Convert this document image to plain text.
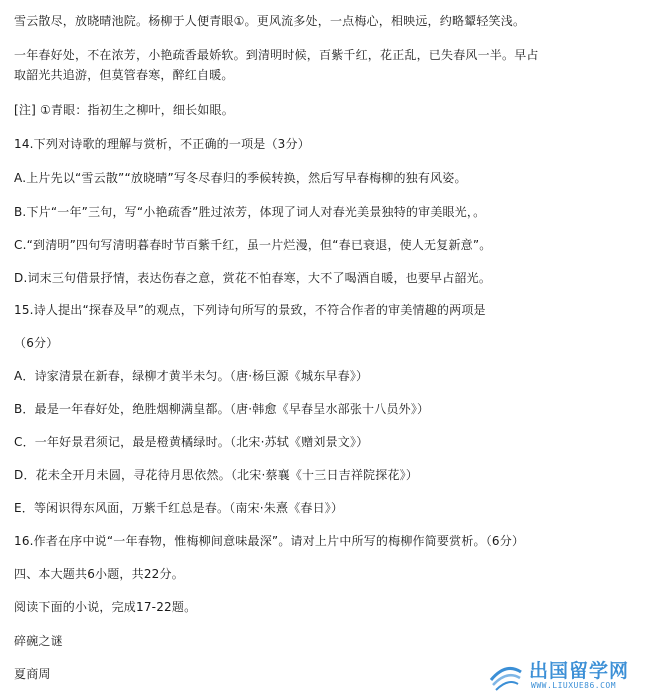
雪云散尽，放晓晴池院。杨柳于人便青眼①。更风流多处，一点梅心，相映远，约略颦轻笑浅。
一年春好处，不在浓芳，小艳疏香最娇软。到清明时候，百紫千红，花正乱，已失春风一半。早占
取韶光共追游，但莫管春寒，醉红自暖。
[注] ①青眼：指初生之柳叶，细长如眼。
14.下列对诗歌的理解与赏析，不正确的一项是（3分）
A.上片先以“雪云散”“放晓晴”写冬尽春归的季候转换，然后写早春梅柳的独有风姿。
B.下片“一年”三句，写“小艳疏香”胜过浓芳，体现了词人对春光美景独特的审美眼光，。
C.“到清明”四句写清明暮春时节百紫千红，虽一片烂漫，但“春已衰退，使人无复新意”。
D.词末三句借景抒情，表达伤春之意，赏花不怕春寒，大不了喝酒自暖，也要早占韶光。
15.诗人提出“探春及早”的观点，下列诗句所写的景致，不符合作者的审美情趣的两项是
（6分）
A．诗家清景在新春，绿柳才黄半未匀。（唐·杨巨源《城东早春》）
B．最是一年春好处，绝胜烟柳满皇都。（唐·韩愈《早春呈水部张十八员外》）
C．一年好景君须记，最是橙黄橘绿时。（北宋·苏轼《赠刘景文》）
D．花未全开月未圆，寻花待月思依然。（北宋·蔡襄《十三日吉祥院探花》）
E．等闲识得东风面，万紫千红总是春。（南宋·朱熹《春日》）
16.作者在序中说“一年春物，惟梅柳间意味最深”。请对上片中所写的梅柳作简要赏析。（6分）
四、本大题共6小题，共22分。
阅读下面的小说，完成17-22题。
碎碗之谜
夏商周	出国留学网
WWW.LIUXUE86.COM
